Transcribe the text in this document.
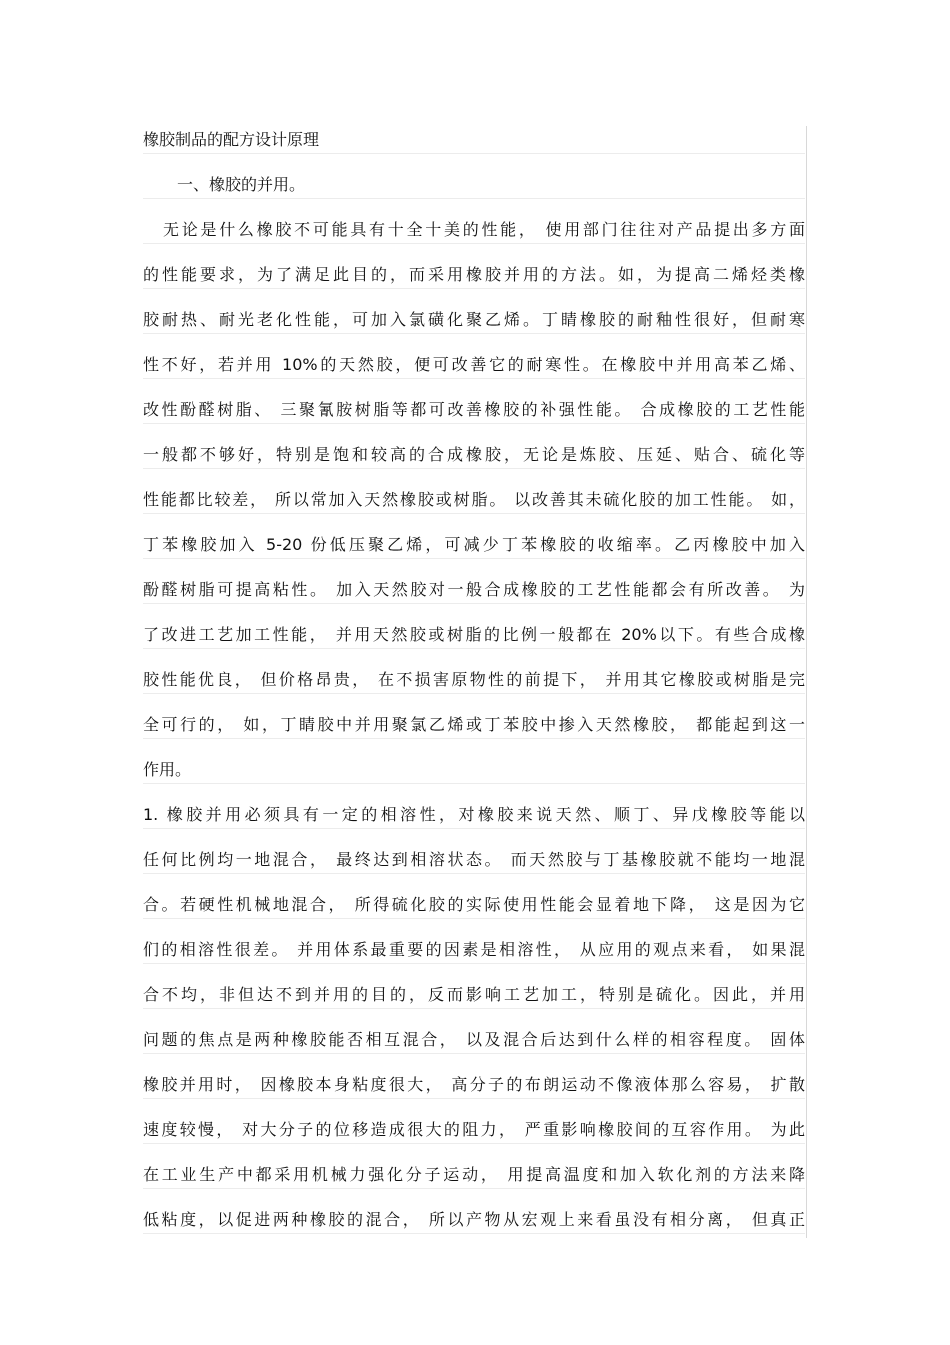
橡胶制品的配方设计原理
一、橡胶的并用。
无论是什么橡胶不可能具有十全十美的性能， 使用部门往往对产品提出多方面
的性能要求，为了满足此目的，而采用橡胶并用的方法。如，为提高二烯烃类橡
胶耐热、耐光老化性能，可加入氯磺化聚乙烯。丁睛橡胶的耐釉性很好，但耐寒
性不好，若并用 10%的天然胶，便可改善它的耐寒性。在橡胶中并用高苯乙烯、
改性酚醛树脂、 三聚氰胺树脂等都可改善橡胶的补强性能。 合成橡胶的工艺性能
一般都不够好，特别是饱和较高的合成橡胶，无论是炼胶、压延、贴合、硫化等
性能都比较差， 所以常加入天然橡胶或树脂。 以改善其未硫化胶的加工性能。 如，
丁苯橡胶加入 5-20 份低压聚乙烯，可减少丁苯橡胶的收缩率。乙丙橡胶中加入
酚醛树脂可提高粘性。 加入天然胶对一般合成橡胶的工艺性能都会有所改善。 为
了改进工艺加工性能， 并用天然胶或树脂的比例一般都在 20%以下。有些合成橡
胶性能优良， 但价格昂贵， 在不损害原物性的前提下， 并用其它橡胶或树脂是完
全可行的， 如，丁睛胶中并用聚氯乙烯或丁苯胶中掺入天然橡胶， 都能起到这一
作用。
1. 橡胶并用必须具有一定的相溶性，对橡胶来说天然、顺丁、异戊橡胶等能以
任何比例均一地混合， 最终达到相溶状态。 而天然胶与丁基橡胶就不能均一地混
合。若硬性机械地混合， 所得硫化胶的实际使用性能会显着地下降， 这是因为它
们的相溶性很差。 并用体系最重要的因素是相溶性， 从应用的观点来看， 如果混
合不均，非但达不到并用的目的，反而影响工艺加工，特别是硫化。因此，并用
问题的焦点是两种橡胶能否相互混合， 以及混合后达到什么样的相容程度。 固体
橡胶并用时， 因橡胶本身粘度很大， 高分子的布朗运动不像液体那么容易， 扩散
速度较慢， 对大分子的位移造成很大的阻力， 严重影响橡胶间的互容作用。 为此
在工业生产中都采用机械力强化分子运动， 用提高温度和加入软化剂的方法来降
低粘度，以促进两种橡胶的混合， 所以产物从宏观上来看虽没有相分离， 但真正
